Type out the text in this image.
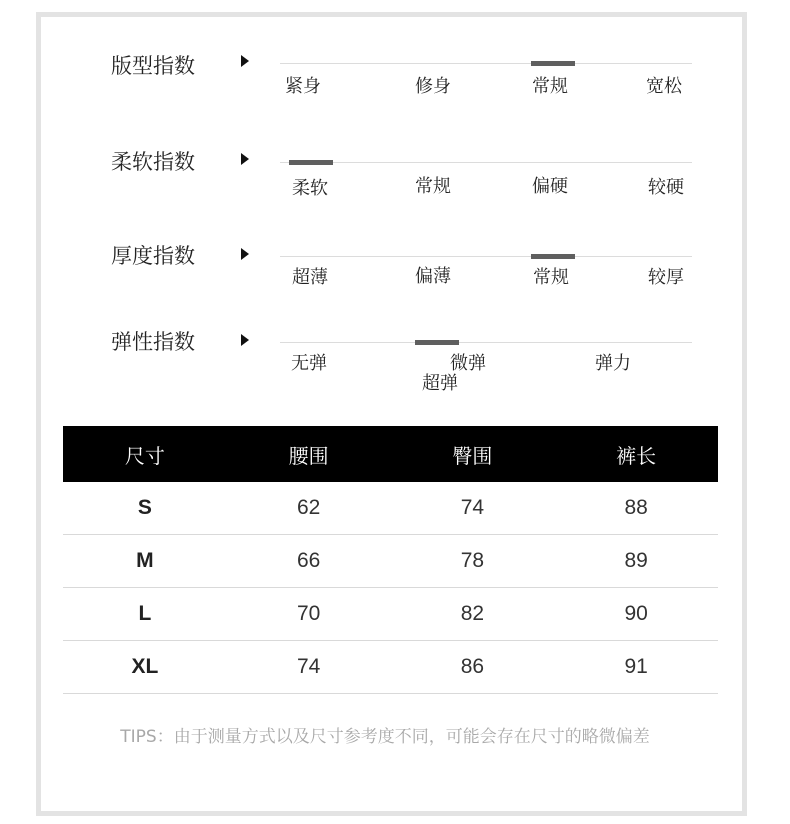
版型指数
紧身	修身	常规	宽松
柔软指数
柔软	常规	偏硬	较硬
厚度指数
超薄	偏薄	常规	较厚
弹性指数
无弹	微弹	弹力
超弹
尺寸	腰围	臀围	裤长
S	62	74	88
M	66	78	89
L	70	82	90
XL	74	86	91
TIPS：由于测量方式以及尺寸参考度不同，可能会存在尺寸的略微偏差
